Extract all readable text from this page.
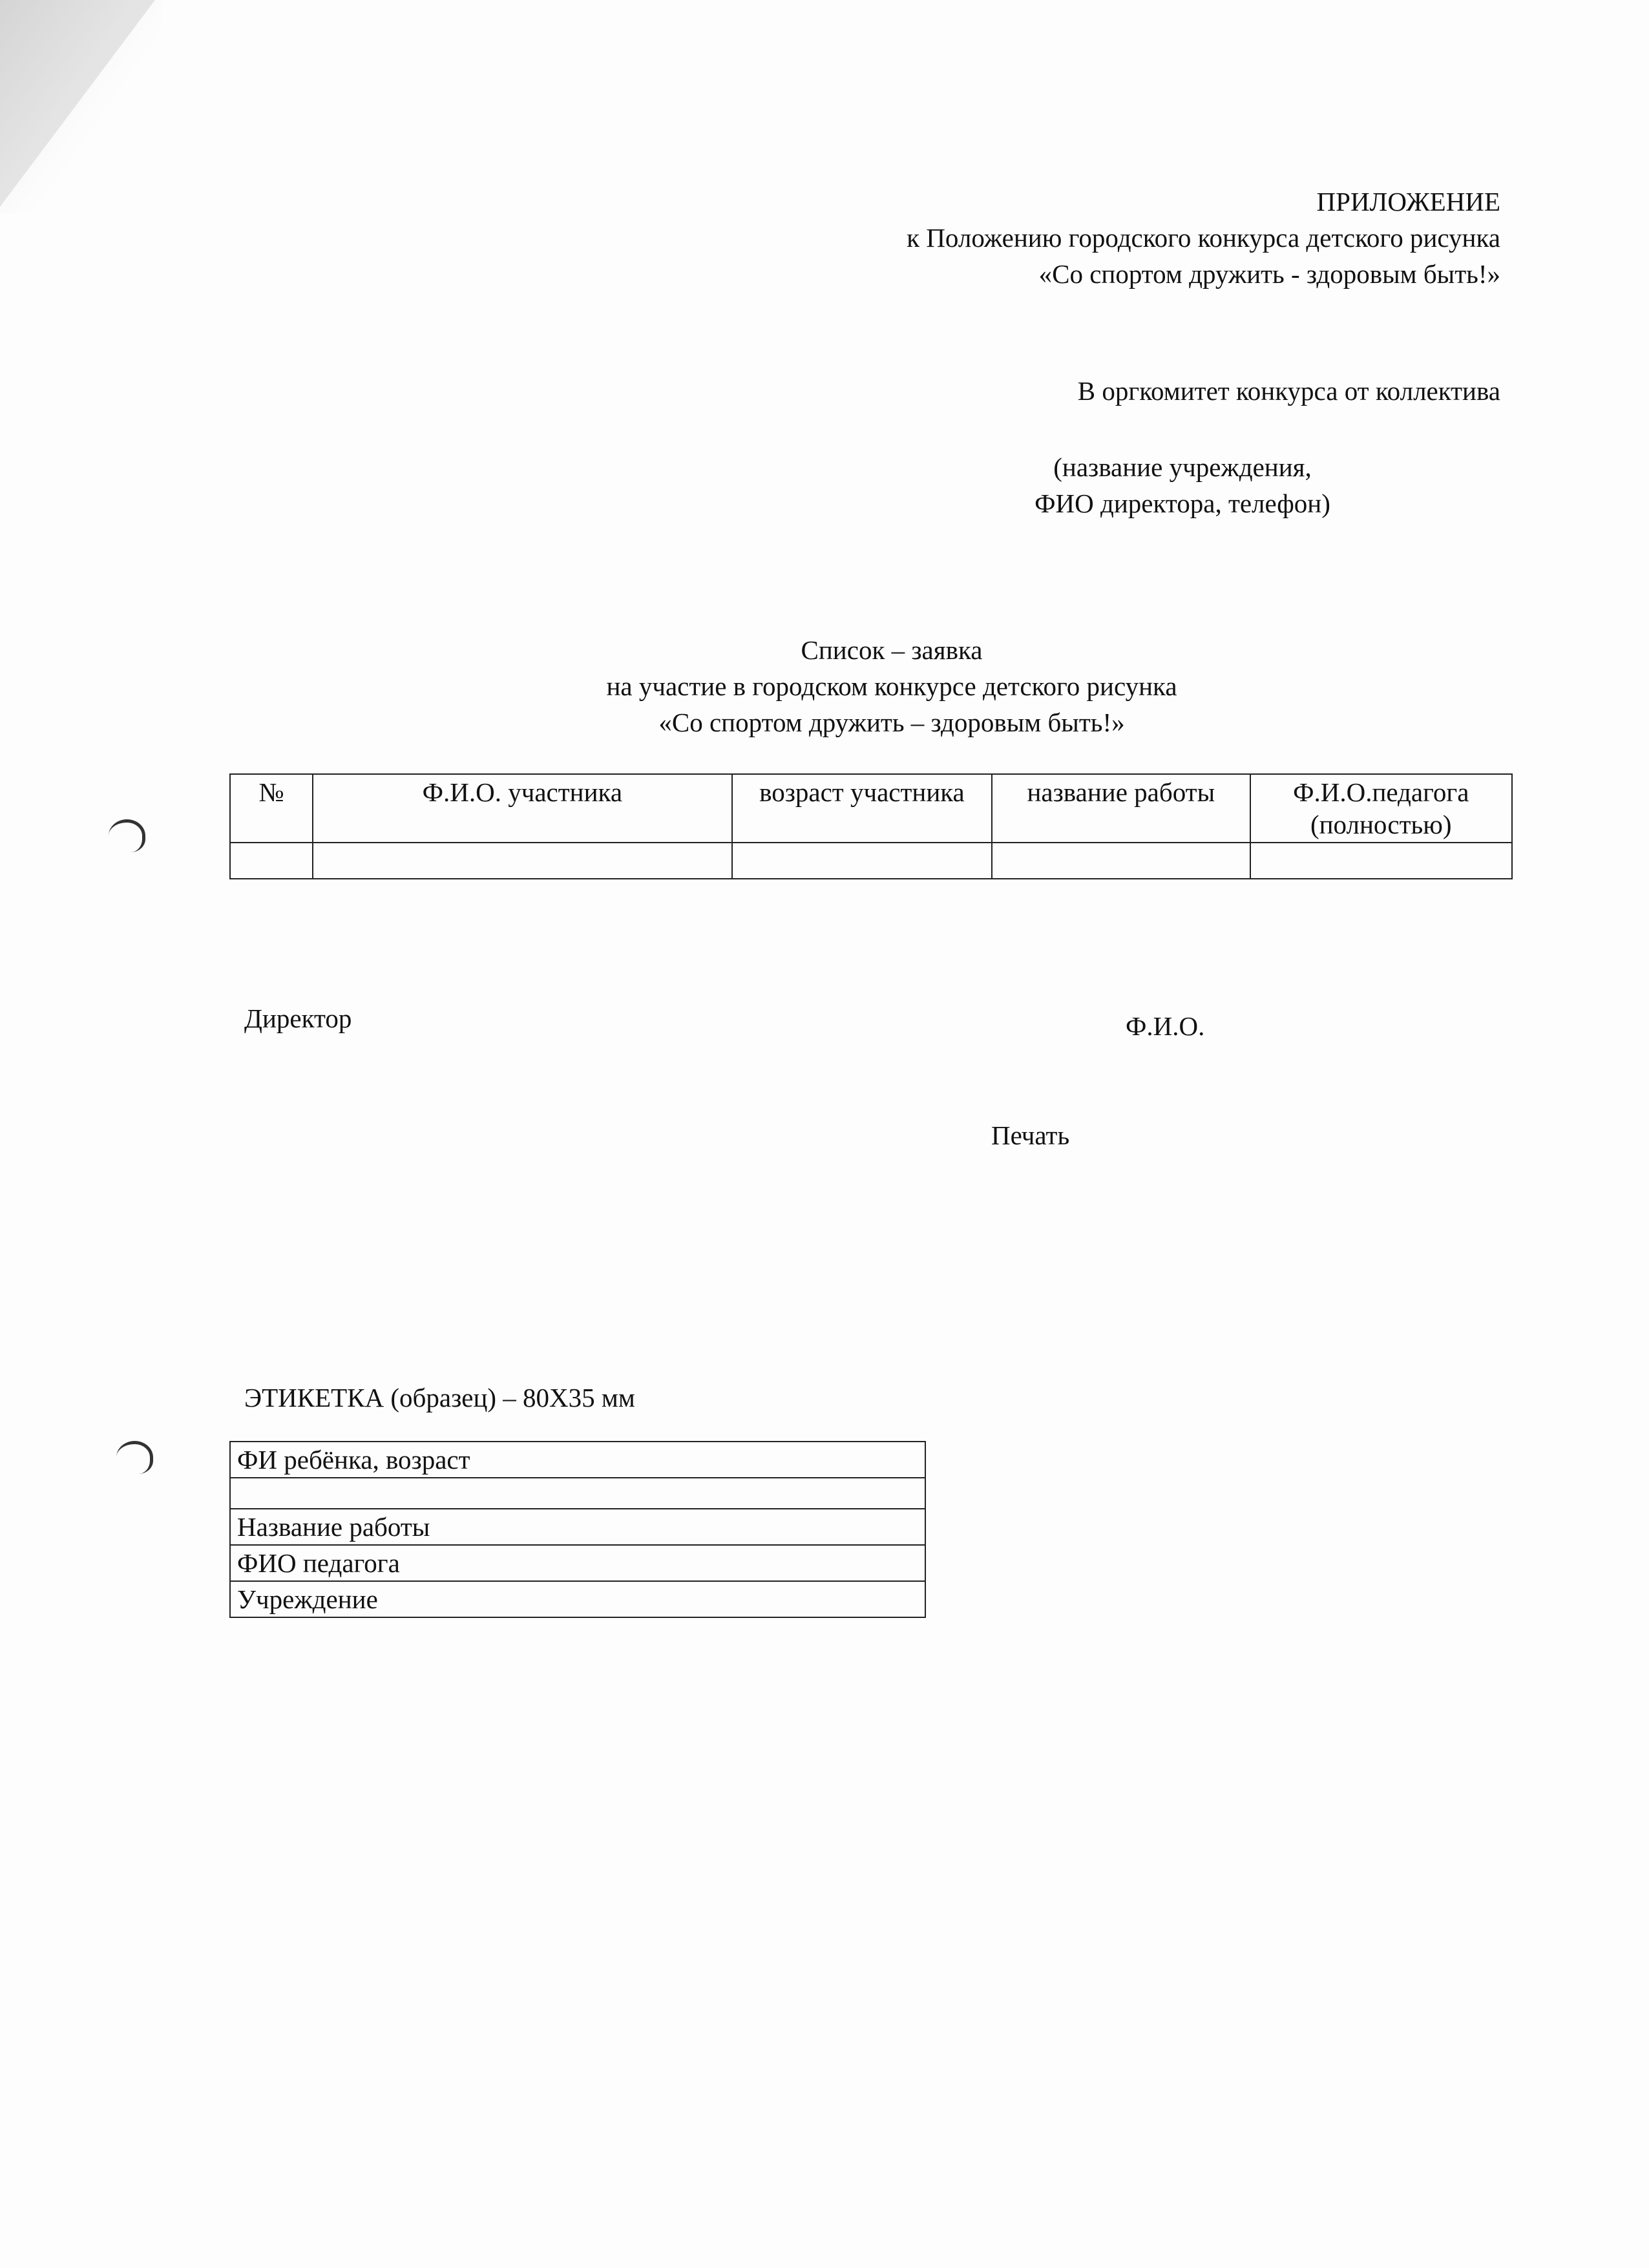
ПРИЛОЖЕНИЕ
к Положению городского конкурса детского рисунка
«Со спортом дружить - здоровым быть!»
В оргкомитет конкурса от коллектива
(название учреждения,
ФИО директора, телефон)
Список – заявка
на участие в городском конкурсе детского рисунка
«Со спортом дружить – здоровым быть!»
№	Ф.И.О. участника	возраст участника	название работы	Ф.И.О.педагога (полностью)

Директор	Ф.И.О.
Печать
ЭТИКЕТКА (образец) – 80Х35 мм
ФИ ребёнка, возраст

Название работы
ФИО педагога
Учреждение
